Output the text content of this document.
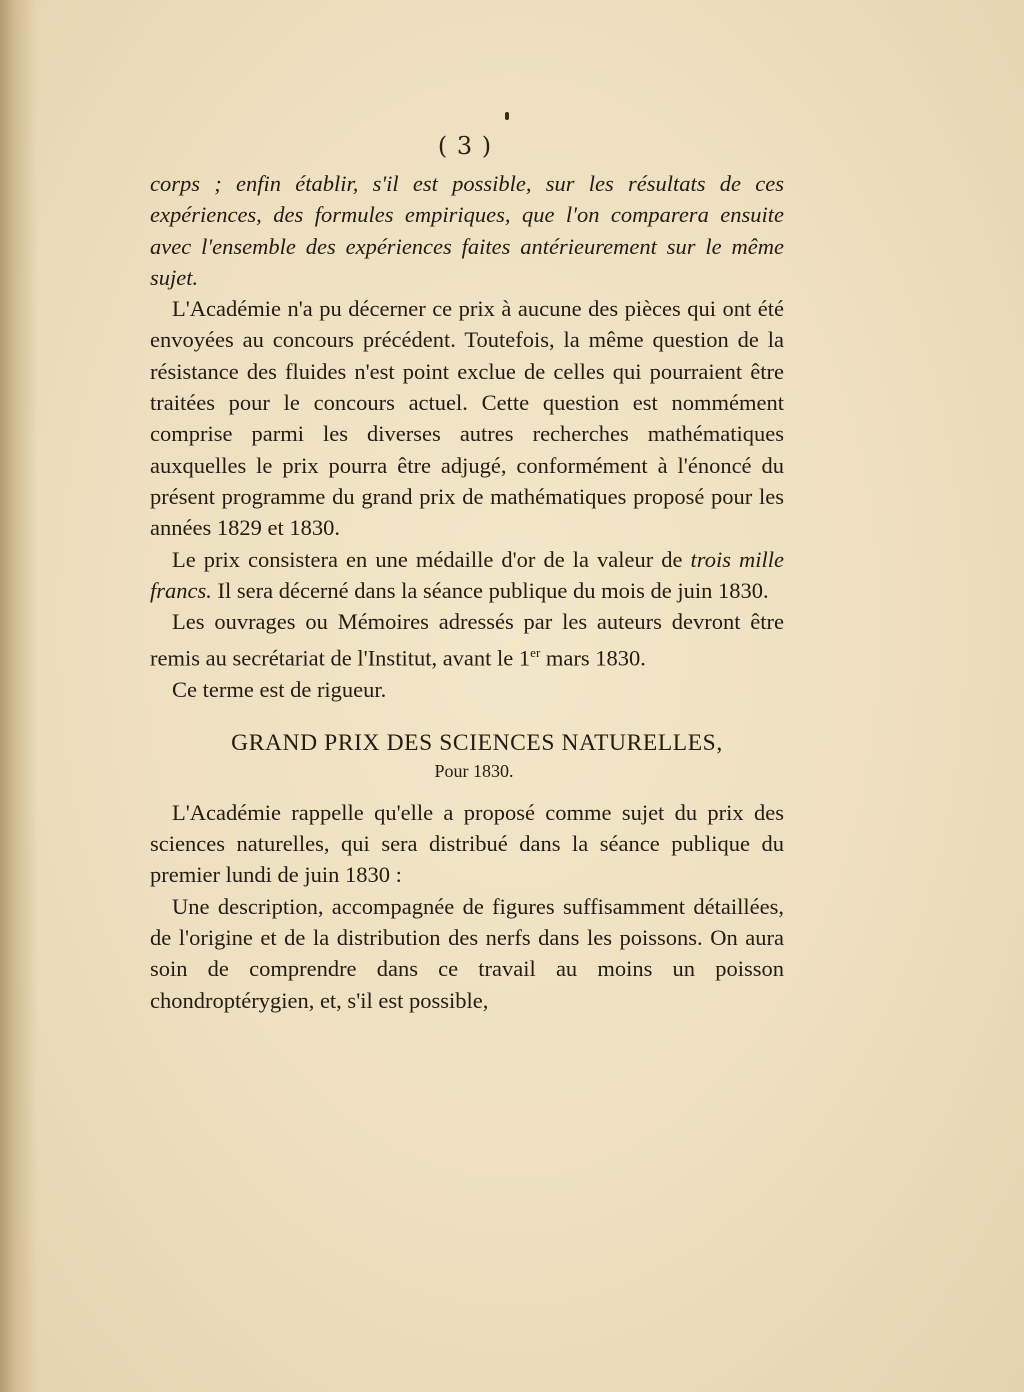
( 3 )

corps ; enfin établir, s'il est possible, sur les résultats de ces expériences, des formules empiriques, que l'on comparera ensuite avec l'ensemble des expériences faites antérieurement sur le même sujet.

L'Académie n'a pu décerner ce prix à aucune des pièces qui ont été envoyées au concours précédent. Toutefois, la même question de la résistance des fluides n'est point exclue de celles qui pourraient être traitées pour le concours actuel. Cette question est nommément comprise parmi les diverses autres recherches mathématiques auxquelles le prix pourra être adjugé, conformément à l'énoncé du présent programme du grand prix de mathématiques proposé pour les années 1829 et 1830.

Le prix consistera en une médaille d'or de la valeur de trois mille francs. Il sera décerné dans la séance publique du mois de juin 1830.

Les ouvrages ou Mémoires adressés par les auteurs devront être remis au secrétariat de l'Institut, avant le 1er mars 1830.

Ce terme est de rigueur.

GRAND PRIX DES SCIENCES NATURELLES,

Pour 1830.

L'Académie rappelle qu'elle a proposé comme sujet du prix des sciences naturelles, qui sera distribué dans la séance publique du premier lundi de juin 1830 :

Une description, accompagnée de figures suffisamment détaillées, de l'origine et de la distribution des nerfs dans les poissons. On aura soin de comprendre dans ce travail au moins un poisson chondroptérygien, et, s'il est possible,
